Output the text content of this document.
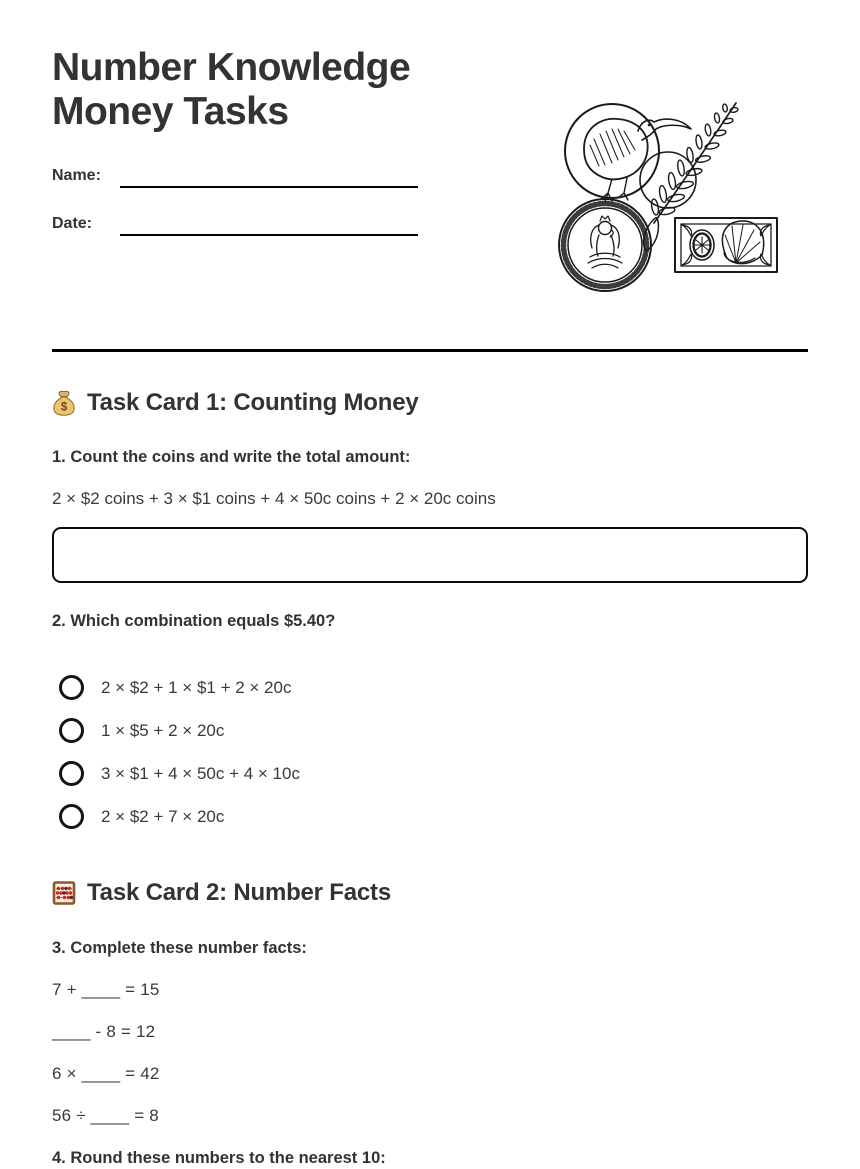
Number Knowledge Money Tasks
Name:
Date:
$ Task Card 1: Counting Money

1. Count the coins and write the total amount:

2 × $2 coins + 3 × $1 coins + 4 × 50c coins + 2 × 20c coins

2. Which combination equals $5.40?

2 × $2 + 1 × $1 + 2 × 20c
1 × $5 + 2 × 20c
3 × $1 + 4 × 50c + 4 × 10c
2 × $2 + 7 × 20c
Task Card 2: Number Facts

3. Complete these number facts:

7 + ____ = 15

____ - 8 = 12

6 × ____ = 42

56 ÷ ____ = 8

4. Round these numbers to the nearest 10:
